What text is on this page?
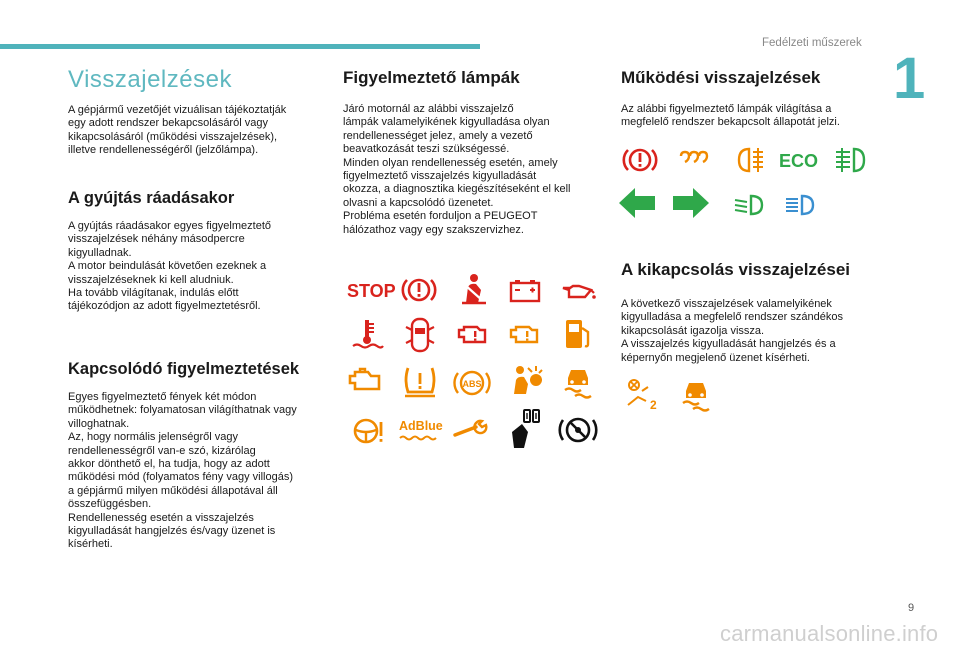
Fedélzeti műszerek
1
Visszajelzések

A gépjármű vezetőjét vizuálisan tájékoztatják
egy adott rendszer bekapcsolásáról vagy
kikapcsolásáról (működési visszajelzések),
illetve rendellenességéről (jelzőlámpa).

A gyújtás ráadásakor

A gyújtás ráadásakor egyes figyelmeztető
visszajelzések néhány másodpercre
kigyulladnak.
A motor beindulását követően ezeknek a
visszajelzéseknek ki kell aludniuk.
Ha tovább világítanak, indulás előtt
tájékozódjon az adott figyelmeztetésről.

Kapcsolódó figyelmeztetések

Egyes figyelmeztető fények két módon
működhetnek: folyamatosan világíthatnak vagy
villoghatnak.
Az, hogy normális jelenségről vagy
rendellenességről van-e szó, kizárólag
akkor dönthető el, ha tudja, hogy az adott
működési mód (folyamatos fény vagy villogás)
a gépjármű milyen működési állapotával áll
összefüggésben.
Rendellenesség esetén a visszajelzés
kigyulladását hangjelzés és/vagy üzenet is
kísérheti.

Figyelmeztető lámpák

Járó motornál az alábbi visszajelző
lámpák valamelyikének kigyulladása olyan
rendellenességet jelez, amely a vezető
beavatkozását teszi szükségessé.
Minden olyan rendellenesség esetén, amely
figyelmeztető visszajelzés kigyulladását
okozza, a diagnosztika kiegészítéseként el kell
olvasni a kapcsolódó üzenetet.
Probléma esetén forduljon a PEUGEOT
hálózathoz vagy egy szakszervizhez.

STOP
ABS
AdBlue
Működési visszajelzések

Az alábbi figyelmeztető lámpák világítása a
megfelelő rendszer bekapcsolt állapotát jelzi.

ECO
A kikapcsolás visszajelzései

A következő visszajelzések valamelyikének
kigyulladása a megfelelő rendszer szándékos
kikapcsolását igazolja vissza.
A visszajelzés kigyulladását hangjelzés és a
képernyőn megjelenő üzenet kísérheti.

2
9
carmanualsonline.info
